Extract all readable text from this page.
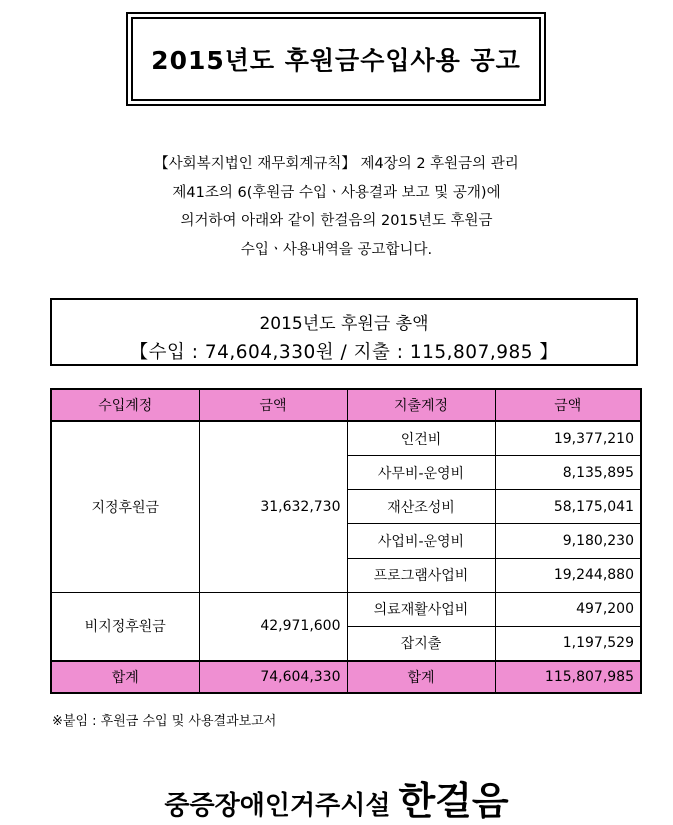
2015년도 후원금수입사용 공고
【사회복지법인 재무회계규칙】 제4장의 2 후원금의 관리
제41조의 6(후원금 수입ㆍ사용결과 보고 및 공개)에
의거하여 아래와 같이 한걸음의 2015년도 후원금
수입ㆍ사용내역을 공고합니다.
2015년도 후원금 총액
【수입 : 74,604,330원 / 지출 : 115,807,985 】
수입계정	금액	지출계정	금액
지정후원금	31,632,730	인건비	19,377,210
		사무비-운영비	8,135,895
		재산조성비	58,175,041
		사업비-운영비	9,180,230
		프로그램사업비	19,244,880
비지정후원금	42,971,600	의료재활사업비	497,200
		잡지출	1,197,529
합계	74,604,330	합계	115,807,985
※붙임 : 후원금 수입 및 사용결과보고서
중증장애인거주시설 한걸음
